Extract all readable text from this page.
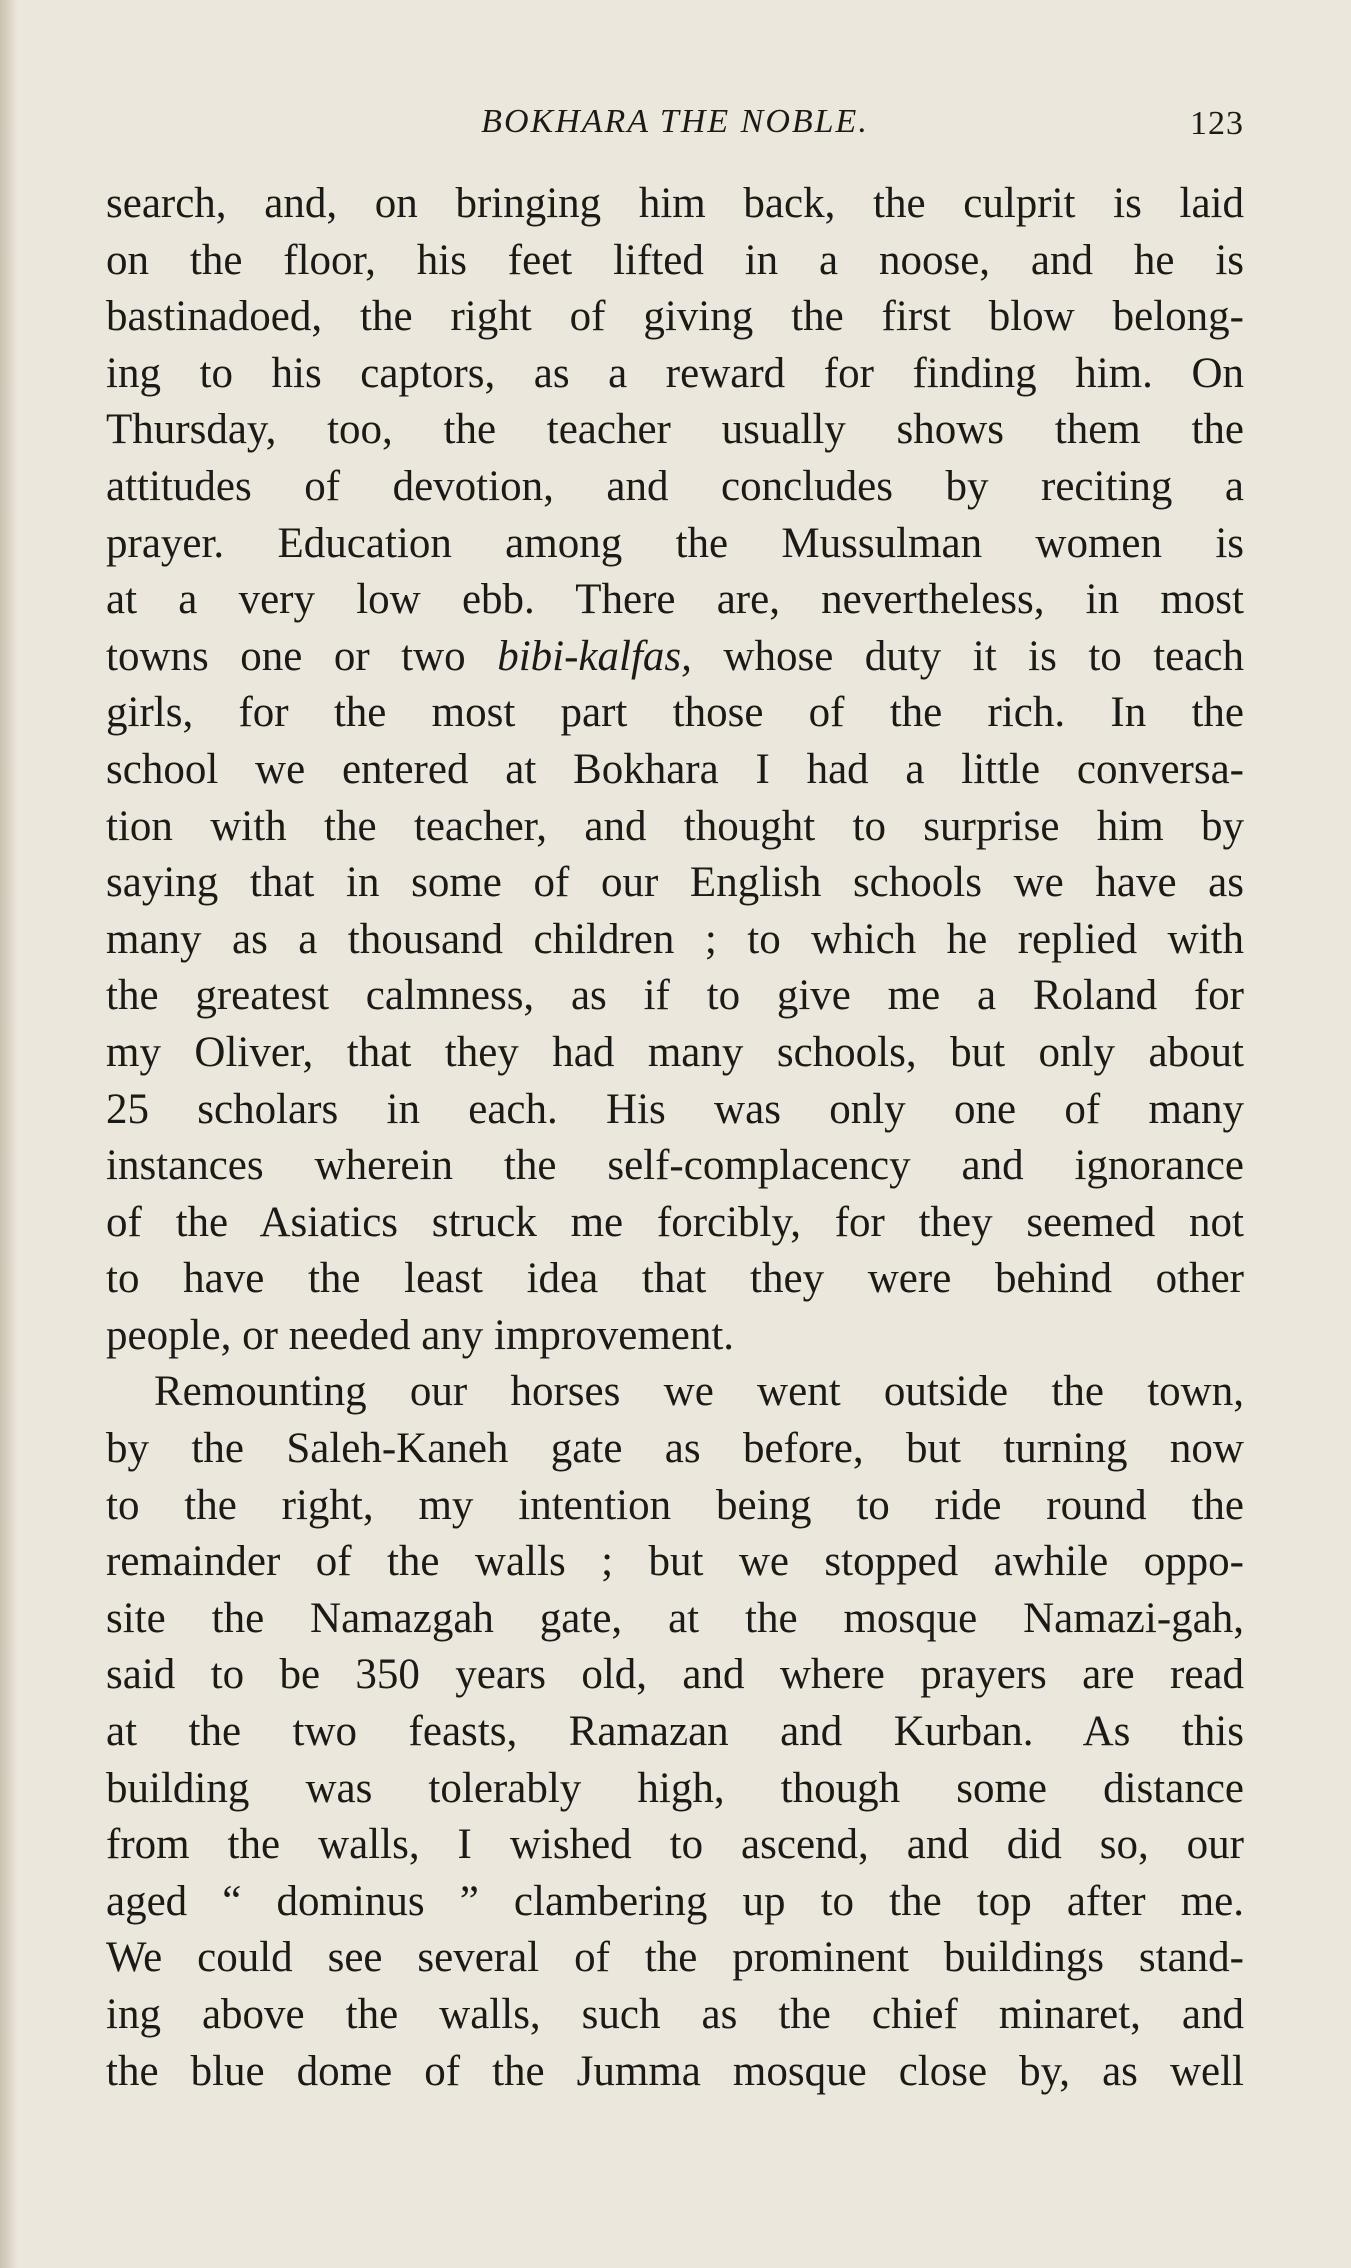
BOKHARA THE NOBLE.	123
search, and, on bringing him back, the culprit is laid
on the floor, his feet lifted in a noose, and he is
bastinadoed, the right of giving the first blow belong-
ing to his captors, as a reward for finding him. On
Thursday, too, the teacher usually shows them the
attitudes of devotion, and concludes by reciting a
prayer. Education among the Mussulman women is
at a very low ebb. There are, nevertheless, in most
towns one or two bibi-kalfas, whose duty it is to teach
girls, for the most part those of the rich. In the
school we entered at Bokhara I had a little conversa-
tion with the teacher, and thought to surprise him by
saying that in some of our English schools we have as
many as a thousand children ; to which he replied with
the greatest calmness, as if to give me a Roland for
my Oliver, that they had many schools, but only about
25 scholars in each. His was only one of many
instances wherein the self-complacency and ignorance
of the Asiatics struck me forcibly, for they seemed not
to have the least idea that they were behind other
people, or needed any improvement.
Remounting our horses we went outside the town,
by the Saleh-Kaneh gate as before, but turning now
to the right, my intention being to ride round the
remainder of the walls ; but we stopped awhile oppo-
site the Namazgah gate, at the mosque Namazi-gah,
said to be 350 years old, and where prayers are read
at the two feasts, Ramazan and Kurban. As this
building was tolerably high, though some distance
from the walls, I wished to ascend, and did so, our
aged “ dominus ” clambering up to the top after me.
We could see several of the prominent buildings stand-
ing above the walls, such as the chief minaret, and
the blue dome of the Jumma mosque close by, as well
